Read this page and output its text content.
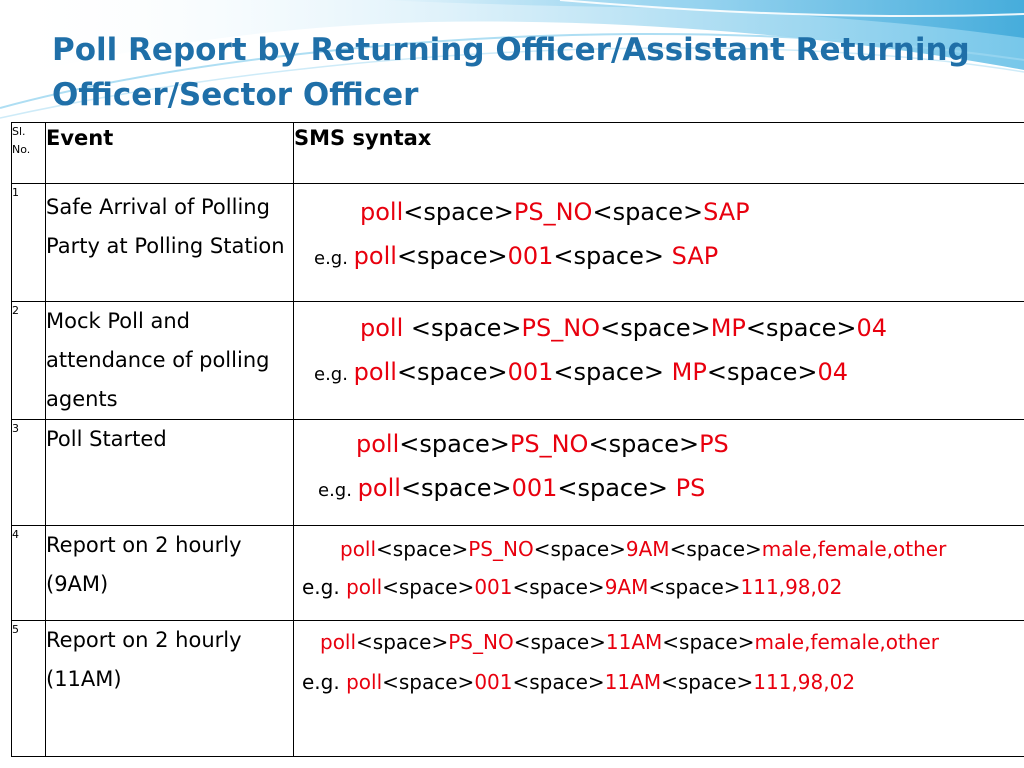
Poll Report by Returning Officer/Assistant Returning Officer/Sector Officer
Sl. No.	Event	SMS syntax
1	Safe Arrival of Polling Party at Polling Station	poll<space>PS_NO<space>SAP
e.g. poll<space>001<space> SAP

2	Mock Poll and attendance of polling agents	poll <space>PS_NO<space>MP<space>04
e.g. poll<space>001<space> MP<space>04

3	Poll Started	poll<space>PS_NO<space>PS
e.g. poll<space>001<space> PS

4	Report on 2 hourly (9AM)	poll<space>PS_NO<space>9AM<space>male,female,other
e.g. poll<space>001<space>9AM<space>111,98,02

5	Report on 2 hourly (11AM)	poll<space>PS_NO<space>11AM<space>male,female,other
e.g. poll<space>001<space>11AM<space>111,98,02
